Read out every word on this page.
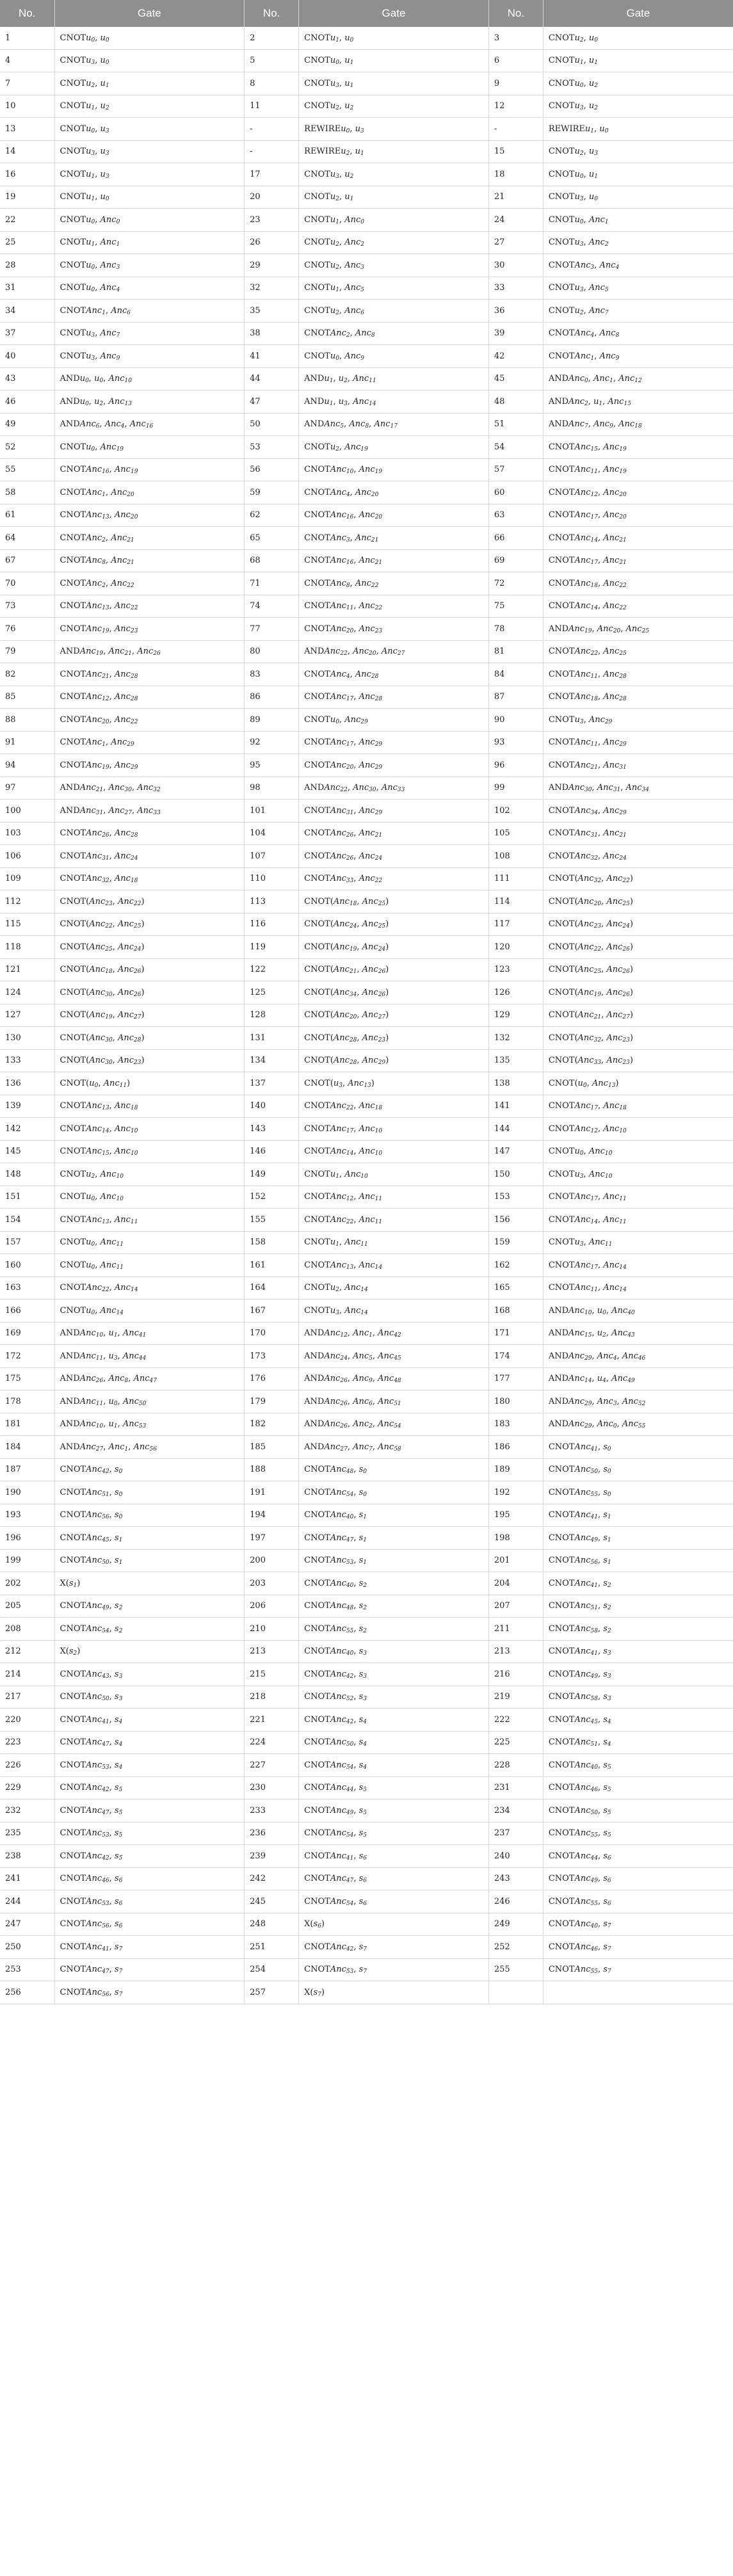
No.	Gate	No.	Gate	No.	Gate
1	CNOTu$_0$, $u_0$	2	CNOTu$_1$, $u_0$	3	CNOTu$_2$, $u_0$
4	CNOTu$_3$, $u_0$	5	CNOTu$_0$, $u_1$	6	CNOTu$_1$, $u_1$
7	CNOTu$_2$, $u_1$	8	CNOTu$_3$, $u_1$	9	CNOTu$_0$, $u_2$
10	CNOTu$_1$, $u_2$	11	CNOTu$_2$, $u_2$	12	CNOTu$_3$, $u_2$
13	CNOTu$_0$, $u_3$	-	REWIREu$_0$, $u_3$	-	REWIREu$_1$, $u_0$
14	CNOTu$_3$, $u_3$	-	REWIREu$_2$, $u_1$	15	CNOTu$_2$, $u_3$
16	CNOTu$_1$, $u_3$	17	CNOTu$_3$, $u_2$	18	CNOTu$_0$, $u_1$
19	CNOTu$_1$, $u_0$	20	CNOTu$_2$, $u_1$	21	CNOTu$_3$, $u_0$
22	CNOTu$_0$, Anc$_0$	23	CNOTu$_1$, Anc$_0$	24	CNOTu$_0$, Anc$_1$
25	CNOTu$_1$, Anc$_1$	26	CNOTu$_2$, Anc$_2$	27	CNOTu$_3$, Anc$_2$
28	CNOTu$_0$, Anc$_3$	29	CNOTu$_2$, Anc$_3$	30	CNOTAnc$_3$, Anc$_4$
31	CNOTu$_0$, Anc$_4$	32	CNOTu$_1$, Anc$_5$	33	CNOTu$_3$, Anc$_5$
34	CNOTAnc$_1$, Anc$_6$	35	CNOTu$_2$, Anc$_6$	36	CNOTu$_2$, Anc$_7$
37	CNOTu$_3$, Anc$_7$	38	CNOTAnc$_2$, Anc$_8$	39	CNOTAnc$_4$, Anc$_8$
40	CNOTu$_3$, Anc$_9$	41	CNOTu$_0$, Anc$_9$	42	CNOTAnc$_1$, Anc$_9$
43	ANDu$_0$, $u_0$, Anc$_{10}$	44	ANDu$_1$, $u_2$, Anc$_{11}$	45	ANDAnc$_0$, Anc$_1$, Anc$_{12}$
46	ANDu$_0$, $u_2$, Anc$_{13}$	47	ANDu$_1$, $u_3$, Anc$_{14}$	48	ANDAnc$_2$, $u_1$, Anc$_{15}$
49	ANDAnc$_6$, Anc$_4$, Anc$_{16}$	50	ANDAnc$_5$, Anc$_8$, Anc$_{17}$	51	ANDAnc$_7$, Anc$_9$, Anc$_{18}$
52	CNOTu$_0$, Anc$_{19}$	53	CNOTu$_2$, Anc$_{19}$	54	CNOTAnc$_{15}$, Anc$_{19}$
55	CNOTAnc$_{16}$, Anc$_{19}$	56	CNOTAnc$_{10}$, Anc$_{19}$	57	CNOTAnc$_{11}$, Anc$_{19}$
58	CNOTAnc$_1$, Anc$_{20}$	59	CNOTAnc$_4$, Anc$_{20}$	60	CNOTAnc$_{12}$, Anc$_{20}$
61	CNOTAnc$_{13}$, Anc$_{20}$	62	CNOTAnc$_{16}$, Anc$_{20}$	63	CNOTAnc$_{17}$, Anc$_{20}$
64	CNOTAnc$_2$, Anc$_{21}$	65	CNOTAnc$_3$, Anc$_{21}$	66	CNOTAnc$_{14}$, Anc$_{21}$
67	CNOTAnc$_8$, Anc$_{21}$	68	CNOTAnc$_{16}$, Anc$_{21}$	69	CNOTAnc$_{17}$, Anc$_{21}$
70	CNOTAnc$_2$, Anc$_{22}$	71	CNOTAnc$_8$, Anc$_{22}$	72	CNOTAnc$_{18}$, Anc$_{22}$
73	CNOTAnc$_{13}$, Anc$_{22}$	74	CNOTAnc$_{11}$, Anc$_{22}$	75	CNOTAnc$_{14}$, Anc$_{22}$
76	CNOTAnc$_{19}$, Anc$_{23}$	77	CNOTAnc$_{20}$, Anc$_{23}$	78	ANDAnc$_{19}$, Anc$_{20}$, Anc$_{25}$
79	ANDAnc$_{19}$, Anc$_{21}$, Anc$_{26}$	80	ANDAnc$_{22}$, Anc$_{20}$, Anc$_{27}$	81	CNOTAnc$_{22}$, Anc$_{25}$
82	CNOTAnc$_{21}$, Anc$_{28}$	83	CNOTAnc$_4$, Anc$_{28}$	84	CNOTAnc$_{11}$, Anc$_{28}$
85	CNOTAnc$_{12}$, Anc$_{28}$	86	CNOTAnc$_{17}$, Anc$_{28}$	87	CNOTAnc$_{18}$, Anc$_{28}$
88	CNOTAnc$_{20}$, Anc$_{22}$	89	CNOTu$_0$, Anc$_{29}$	90	CNOTu$_3$, Anc$_{29}$
91	CNOTAnc$_1$, Anc$_{29}$	92	CNOTAnc$_{17}$, Anc$_{29}$	93	CNOTAnc$_{11}$, Anc$_{29}$
94	CNOTAnc$_{19}$, Anc$_{29}$	95	CNOTAnc$_{20}$, Anc$_{29}$	96	CNOTAnc$_{21}$, Anc$_{31}$
97	ANDAnc$_{21}$, Anc$_{30}$, Anc$_{32}$	98	ANDAnc$_{22}$, Anc$_{30}$, Anc$_{33}$	99	ANDAnc$_{30}$, Anc$_{31}$, Anc$_{34}$
100	ANDAnc$_{31}$, Anc$_{27}$, Anc$_{33}$	101	CNOTAnc$_{31}$, Anc$_{29}$	102	CNOTAnc$_{34}$, Anc$_{29}$
103	CNOTAnc$_{26}$, Anc$_{28}$	104	CNOTAnc$_{26}$, Anc$_{21}$	105	CNOTAnc$_{31}$, Anc$_{21}$
106	CNOTAnc$_{31}$, Anc$_{24}$	107	CNOTAnc$_{26}$, Anc$_{24}$	108	CNOTAnc$_{32}$, Anc$_{24}$
109	CNOTAnc$_{32}$, Anc$_{18}$	110	CNOTAnc$_{33}$, Anc$_{22}$	111	CNOT(Anc$_{32}$, Anc$_{22}$)
112	CNOT(Anc$_{23}$, Anc$_{22}$)	113	CNOT(Anc$_{18}$, Anc$_{25}$)	114	CNOT(Anc$_{20}$, Anc$_{25}$)
115	CNOT(Anc$_{22}$, Anc$_{25}$)	116	CNOT(Anc$_{24}$, Anc$_{25}$)	117	CNOT(Anc$_{23}$, Anc$_{24}$)
118	CNOT(Anc$_{25}$, Anc$_{24}$)	119	CNOT(Anc$_{19}$, Anc$_{24}$)	120	CNOT(Anc$_{22}$, Anc$_{26}$)
121	CNOT(Anc$_{18}$, Anc$_{26}$)	122	CNOT(Anc$_{21}$, Anc$_{26}$)	123	CNOT(Anc$_{25}$, Anc$_{26}$)
124	CNOT(Anc$_{30}$, Anc$_{26}$)	125	CNOT(Anc$_{34}$, Anc$_{26}$)	126	CNOT(Anc$_{19}$, Anc$_{26}$)
127	CNOT(Anc$_{19}$, Anc$_{27}$)	128	CNOT(Anc$_{20}$, Anc$_{27}$)	129	CNOT(Anc$_{21}$, Anc$_{27}$)
130	CNOT(Anc$_{30}$, Anc$_{28}$)	131	CNOT(Anc$_{28}$, Anc$_{23}$)	132	CNOT(Anc$_{32}$, Anc$_{23}$)
133	CNOT(Anc$_{30}$, Anc$_{23}$)	134	CNOT(Anc$_{28}$, Anc$_{29}$)	135	CNOT(Anc$_{33}$, Anc$_{23}$)
136	$CNOT(u_0$, Anc$_{11}$)	137	$CNOT(u_3$, Anc$_{13}$)	138	$CNOT(u_0$, Anc$_{13}$)
139	CNOTAnc$_{13}$, Anc$_{18}$	140	CNOTAnc$_{22}$, Anc$_{18}$	141	CNOTAnc$_{17}$, Anc$_{18}$
142	CNOTAnc$_{14}$, Anc$_{10}$	143	CNOTAnc$_{17}$, Anc$_{10}$	144	CNOTAnc$_{12}$, Anc$_{10}$
145	CNOTAnc$_{15}$, Anc$_{10}$	146	CNOTAnc$_{14}$, Anc$_{10}$	147	CNOTu$_0$, Anc$_{10}$
148	CNOTu$_2$, Anc$_{10}$	149	CNOTu$_1$, Anc$_{10}$	150	CNOTu$_3$, Anc$_{10}$
151	CNOTu$_0$, Anc$_{10}$	152	CNOTAnc$_{12}$, Anc$_{11}$	153	CNOTAnc$_{17}$, Anc$_{11}$
154	CNOTAnc$_{13}$, Anc$_{11}$	155	CNOTAnc$_{22}$, Anc$_{11}$	156	CNOTAnc$_{14}$, Anc$_{11}$
157	CNOTu$_0$, Anc$_{11}$	158	CNOTu$_1$, Anc$_{11}$	159	CNOTu$_3$, Anc$_{11}$
160	CNOTu$_0$, Anc$_{11}$	161	CNOTAnc$_{13}$, Anc$_{14}$	162	CNOTAnc$_{17}$, Anc$_{14}$
163	CNOTAnc$_{22}$, Anc$_{14}$	164	CNOTu$_2$, Anc$_{14}$	165	CNOTAnc$_{11}$, Anc$_{14}$
166	CNOTu$_0$, Anc$_{14}$	167	CNOTu$_3$, Anc$_{14}$	168	ANDAnc$_{10}$, $u_0$, Anc$_{40}$
169	ANDAnc$_{10}$, $u_1$, Anc$_{41}$	170	ANDAnc$_{12}$, Anc$_1$, Anc$_{42}$	171	ANDAnc$_{15}$, $u_2$, Anc$_{43}$
172	ANDAnc$_{11}$, $u_3$, Anc$_{44}$	173	ANDAnc$_{24}$, Anc$_5$, Anc$_{45}$	174	ANDAnc$_{29}$, Anc$_4$, Anc$_{46}$
175	ANDAnc$_{26}$, Anc$_8$, Anc$_{47}$	176	ANDAnc$_{26}$, Anc$_9$, Anc$_{48}$	177	ANDAnc$_{14}$, $u_4$, Anc$_{49}$
178	ANDAnc$_{11}$, $u_0$, Anc$_{50}$	179	ANDAnc$_{26}$, Anc$_6$, Anc$_{51}$	180	ANDAnc$_{29}$, Anc$_3$, Anc$_{52}$
181	ANDAnc$_{10}$, $u_1$, Anc$_{53}$	182	ANDAnc$_{26}$, Anc$_2$, Anc$_{54}$	183	ANDAnc$_{29}$, Anc$_0$, Anc$_{55}$
184	ANDAnc$_{27}$, Anc$_1$, Anc$_{56}$	185	ANDAnc$_{27}$, Anc$_7$, Anc$_{58}$	186	CNOTAnc$_{41}$, $s_0$
187	CNOTAnc$_{42}$, $s_0$	188	CNOTAnc$_{48}$, $s_0$	189	CNOTAnc$_{50}$, $s_0$
190	CNOTAnc$_{51}$, $s_0$	191	CNOTAnc$_{54}$, $s_0$	192	CNOTAnc$_{55}$, $s_0$
193	CNOTAnc$_{56}$, $s_0$	194	CNOTAnc$_{40}$, $s_1$	195	CNOTAnc$_{41}$, $s_1$
196	CNOTAnc$_{45}$, $s_1$	197	CNOTAnc$_{47}$, $s_1$	198	CNOTAnc$_{49}$, $s_1$
199	CNOTAnc$_{50}$, $s_1$	200	CNOTAnc$_{53}$, $s_1$	201	CNOTAnc$_{56}$, $s_1$
202	$X(s_1)$	203	CNOTAnc$_{40}$, $s_2$	204	CNOTAnc$_{41}$, $s_2$
205	CNOTAnc$_{49}$, $s_2$	206	CNOTAnc$_{48}$, $s_2$	207	CNOTAnc$_{51}$, $s_2$
208	CNOTAnc$_{54}$, $s_2$	210	CNOTAnc$_{55}$, $s_2$	211	CNOTAnc$_{58}$, $s_2$
212	$X(s_2)$	213	CNOTAnc$_{40}$, $s_3$	213	CNOTAnc$_{41}$, $s_3$
214	CNOTAnc$_{43}$, $s_3$	215	CNOTAnc$_{42}$, $s_3$	216	CNOTAnc$_{49}$, $s_3$
217	CNOTAnc$_{50}$, $s_3$	218	CNOTAnc$_{52}$, $s_3$	219	CNOTAnc$_{58}$, $s_3$
220	CNOTAnc$_{41}$, $s_4$	221	CNOTAnc$_{42}$, $s_4$	222	CNOTAnc$_{45}$, $s_4$
223	CNOTAnc$_{47}$, $s_4$	224	CNOTAnc$_{50}$, $s_4$	225	CNOTAnc$_{51}$, $s_4$
226	CNOTAnc$_{53}$, $s_4$	227	CNOTAnc$_{54}$, $s_4$	228	CNOTAnc$_{40}$, $s_5$
229	CNOTAnc$_{42}$, $s_5$	230	CNOTAnc$_{44}$, $s_5$	231	CNOTAnc$_{46}$, $s_5$
232	CNOTAnc$_{47}$, $s_5$	233	CNOTAnc$_{49}$, $s_5$	234	CNOTAnc$_{50}$, $s_5$
235	CNOTAnc$_{53}$, $s_5$	236	CNOTAnc$_{54}$, $s_5$	237	CNOTAnc$_{55}$, $s_5$
238	CNOTAnc$_{42}$, $s_5$	239	CNOTAnc$_{41}$, $s_6$	240	CNOTAnc$_{44}$, $s_6$
241	CNOTAnc$_{46}$, $s_6$	242	CNOTAnc$_{47}$, $s_6$	243	CNOTAnc$_{49}$, $s_6$
244	CNOTAnc$_{53}$, $s_6$	245	CNOTAnc$_{54}$, $s_6$	246	CNOTAnc$_{55}$, $s_6$
247	CNOTAnc$_{56}$, $s_6$	248	$X(s_6)$	249	CNOTAnc$_{40}$, $s_7$
250	CNOTAnc$_{41}$, $s_7$	251	CNOTAnc$_{42}$, $s_7$	252	CNOTAnc$_{46}$, $s_7$
253	CNOTAnc$_{47}$, $s_7$	254	CNOTAnc$_{53}$, $s_7$	255	CNOTAnc$_{55}$, $s_7$
256	CNOTAnc$_{56}$, $s_7$	257	$X(s_7)$		
